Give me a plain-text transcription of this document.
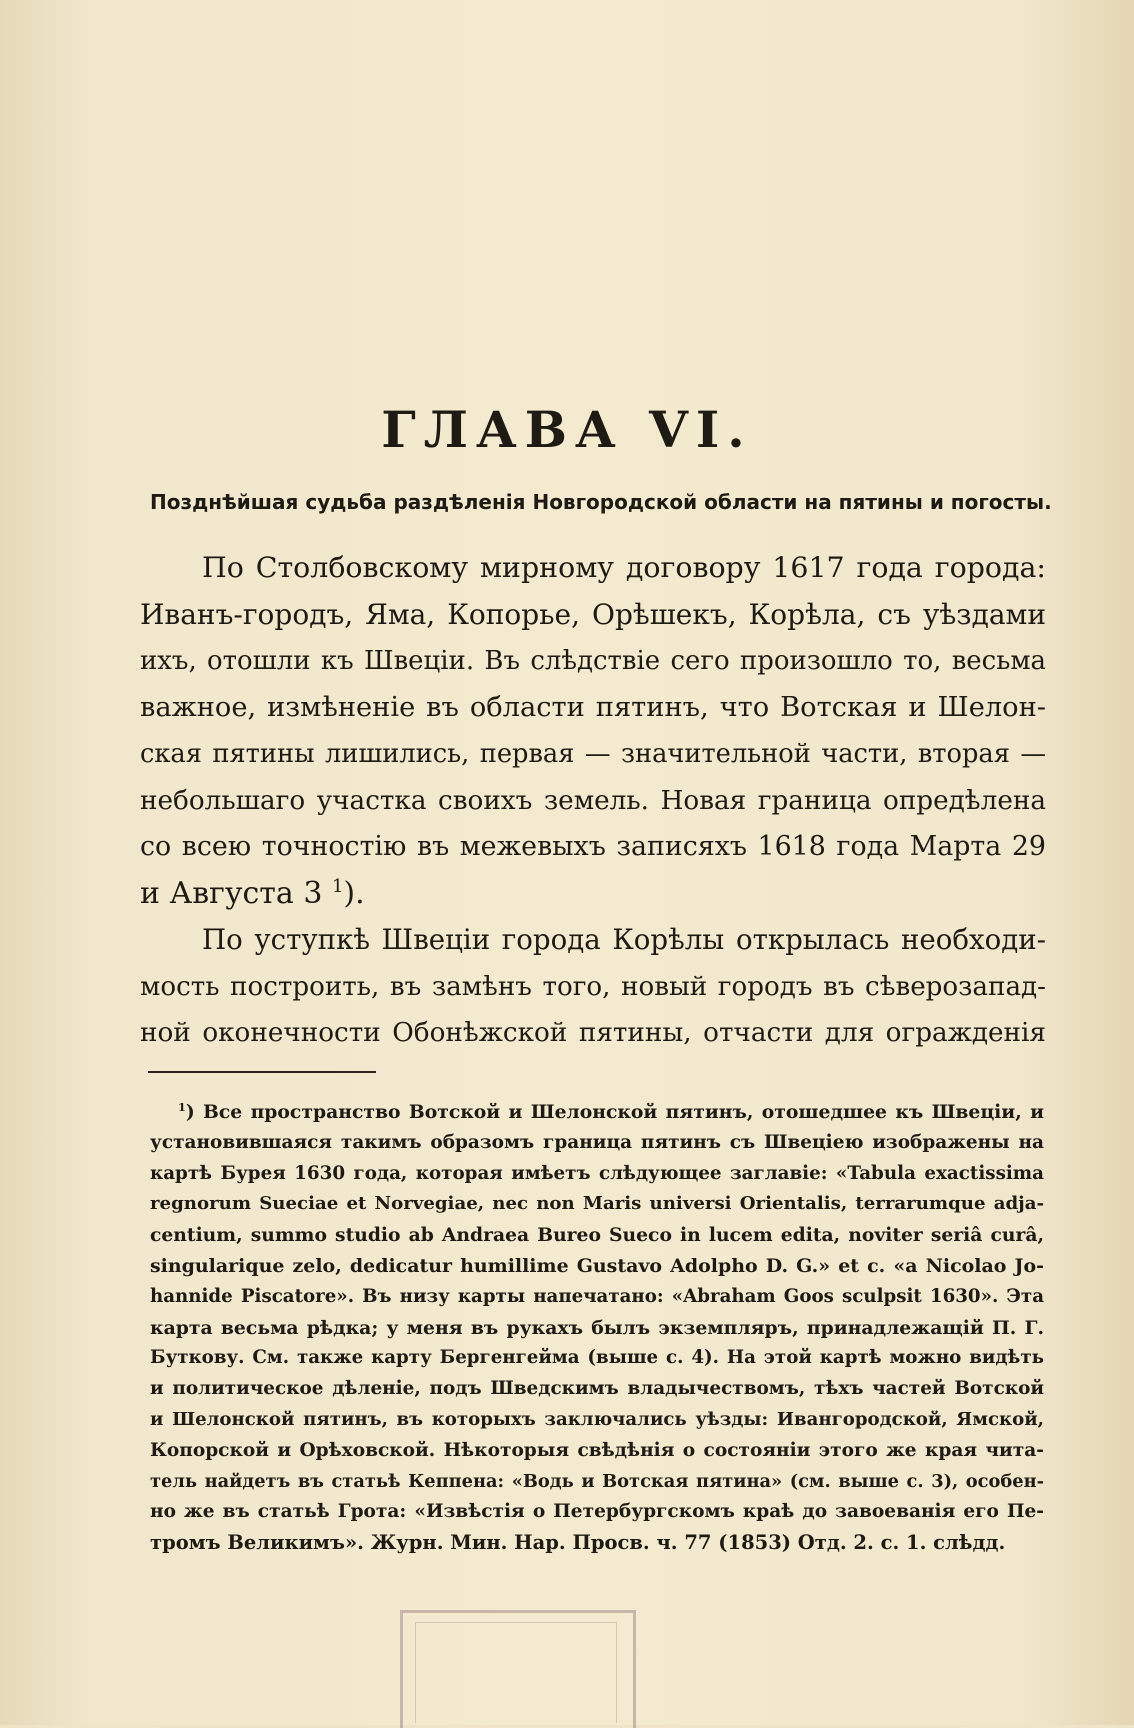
ГЛАВА VI.
Позднѣйшая судьба раздѣленія Новгородской области на пятины и погосты.
По Столбовскому мирному договору 1617 года города:
Иванъ-городъ, Яма, Копорье, Орѣшекъ, Корѣла, съ уѣздами
ихъ, отошли къ Швеціи. Въ слѣдствіе сего произошло то, весьма
важное, измѣненіе въ области пятинъ, что Вотская и Шелон-
ская пятины лишились, первая — значительной части, вторая —
небольшаго участка своихъ земель. Новая граница опредѣлена
со всею точностію въ межевыхъ записяхъ 1618 года Марта 29
и Августа 3 $^1$).
По уступкѣ Швеціи города Корѣлы открылась необходи-
мость построить, въ замѣнъ того, новый городъ въ сѣверозапад-
ной оконечности Обонѣжской пятины, отчасти для огражденія
$^1$) Все пространство Вотской и Шелонской пятинъ, отошедшее къ Швеціи, и
установившаяся такимъ образомъ граница пятинъ съ Швеціею изображены на
картѣ Бурея 1630 года, которая имѣетъ слѣдующее заглавіе: «Tabula exactissima
regnorum Sueciae et Norvegiae, nec non Maris universi Orientalis, terrarumque adja-
centium, summo studio ab Andraea Bureo Sueco in lucem edita, noviter seriâ curâ,
singularique zelo, dedicatur humillime Gustavo Adolpho D. G.» et c. «a Nicolao Jo-
hannide Piscatore». Въ низу карты напечатано: «Abraham Goos sculpsit 1630». Эта
карта весьма рѣдка; у меня въ рукахъ былъ экземпляръ, принадлежащій П. Г.
Буткову. См. также карту Бергенгейма (выше с. 4). На этой картѣ можно видѣть
и политическое дѣленіе, подъ Шведскимъ владычествомъ, тѣхъ частей Вотской
и Шелонской пятинъ, въ которыхъ заключались уѣзды: Ивангородской, Ямской,
Копорской и Орѣховской. Нѣкоторыя свѣдѣнія о состояніи этого же края чита-
тель найдетъ въ статьѣ Кеппена: «Водь и Вотская пятина» (см. выше с. 3), особен-
но же въ статьѣ Грота: «Извѣстія о Петербургскомъ краѣ до завоеванія его Пе-
тромъ Великимъ». Журн. Мин. Нар. Просв. ч. 77 (1853) Отд. 2. с. 1. слѣдд.
